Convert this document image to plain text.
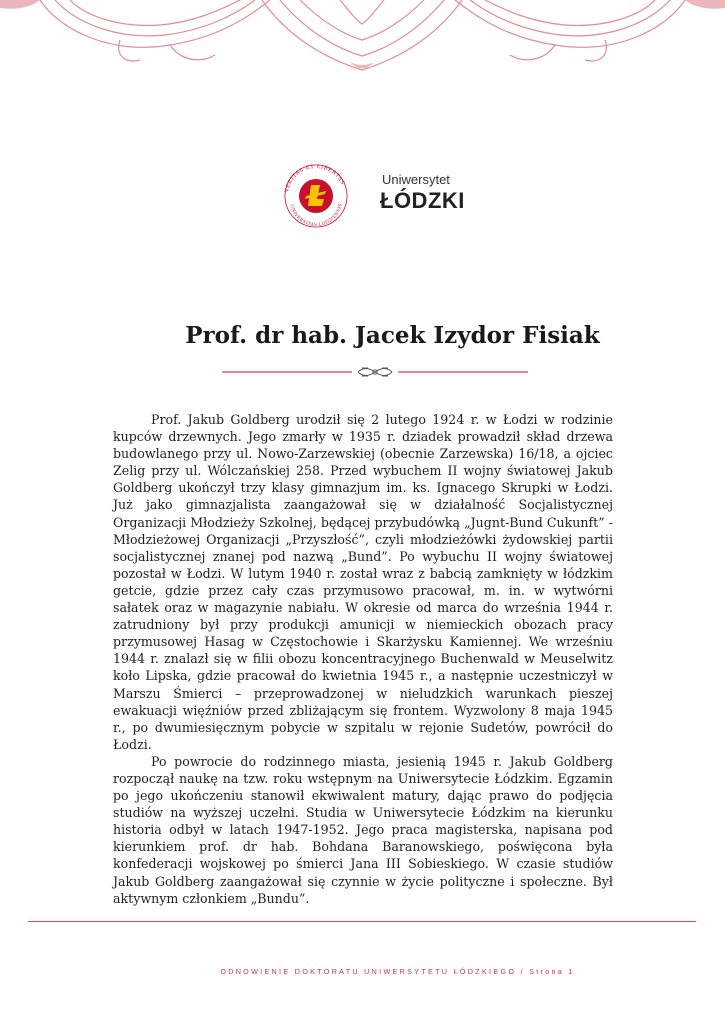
VERITAS ET LIBERTAS
UNIVERSITAS LODZIENSIS
Uniwersytet
ŁÓDZKI
Prof. dr hab. Jacek Izydor Fisiak

Prof. Jakub Goldberg urodził się 2 lutego 1924 r. w Łodzi w rodzinie kupców drzewnych. Jego zmarły w 1935 r. dziadek prowadził skład drzewa budowlanego przy ul. Nowo-Zarzewskiej (obecnie Zarzewska) 16/18, a ojciec Zelig przy ul. Wólczańskiej 258. Przed wybuchem II wojny światowej Jakub Goldberg ukończył trzy klasy gimnazjum im. ks. Ignacego Skrupki w Łodzi. Już jako gimnazjalista zaangażował się w działalność Socjalistycznej Organizacji Młodzieży Szkolnej, będącej przybudówką „Jugnt-Bund Cukunft” - Młodzieżowej Organizacji „Przyszłość”, czyli młodzieżówki żydowskiej partii socjalistycznej znanej pod nazwą „Bund”. Po wybuchu II wojny światowej pozostał w Łodzi. W lutym 1940 r. został wraz z babcią zamknięty w łódzkim getcie, gdzie przez cały czas przymusowo pracował, m. in. w wytwórni sałatek oraz w magazynie nabiału. W okresie od marca do września 1944 r. zatrudniony był przy produkcji amunicji w niemieckich obozach pracy przymusowej Hasag w Częstochowie i Skarżysku Kamiennej. We wrześniu 1944 r. znalazł się w filii obozu koncentracyjnego Buchenwald w Meuselwitz koło Lipska, gdzie pracował do kwietnia 1945 r., a następnie uczestniczył w Marszu Śmierci – przeprowadzonej w nieludzkich warunkach pieszej ewakuacji więźniów przed zbliżającym się frontem. Wyzwolony 8 maja 1945 r., po dwumiesięcznym pobycie w szpitalu w rejonie Sudetów, powrócił do Łodzi.

Po powrocie do rodzinnego miasta, jesienią 1945 r. Jakub Goldberg rozpoczął naukę na tzw. roku wstępnym na Uniwersytecie Łódzkim. Egzamin po jego ukończeniu stanowił ekwiwalent matury, dając prawo do podjęcia studiów na wyższej uczelni. Studia w Uniwersytecie Łódzkim na kierunku historia odbył w latach 1947-1952. Jego praca magisterska, napisana pod kierunkiem prof. dr hab. Bohdana Baranowskiego, poświęcona była konfederacji wojskowej po śmierci Jana III Sobieskiego. W czasie studiów Jakub Goldberg zaangażował się czynnie w życie polityczne i społeczne. Był aktywnym członkiem „Bundu”.

ODNOWIENIE DOKTORATU UNIWERSYTETU ŁÓDZKIEGO / Strona 1
